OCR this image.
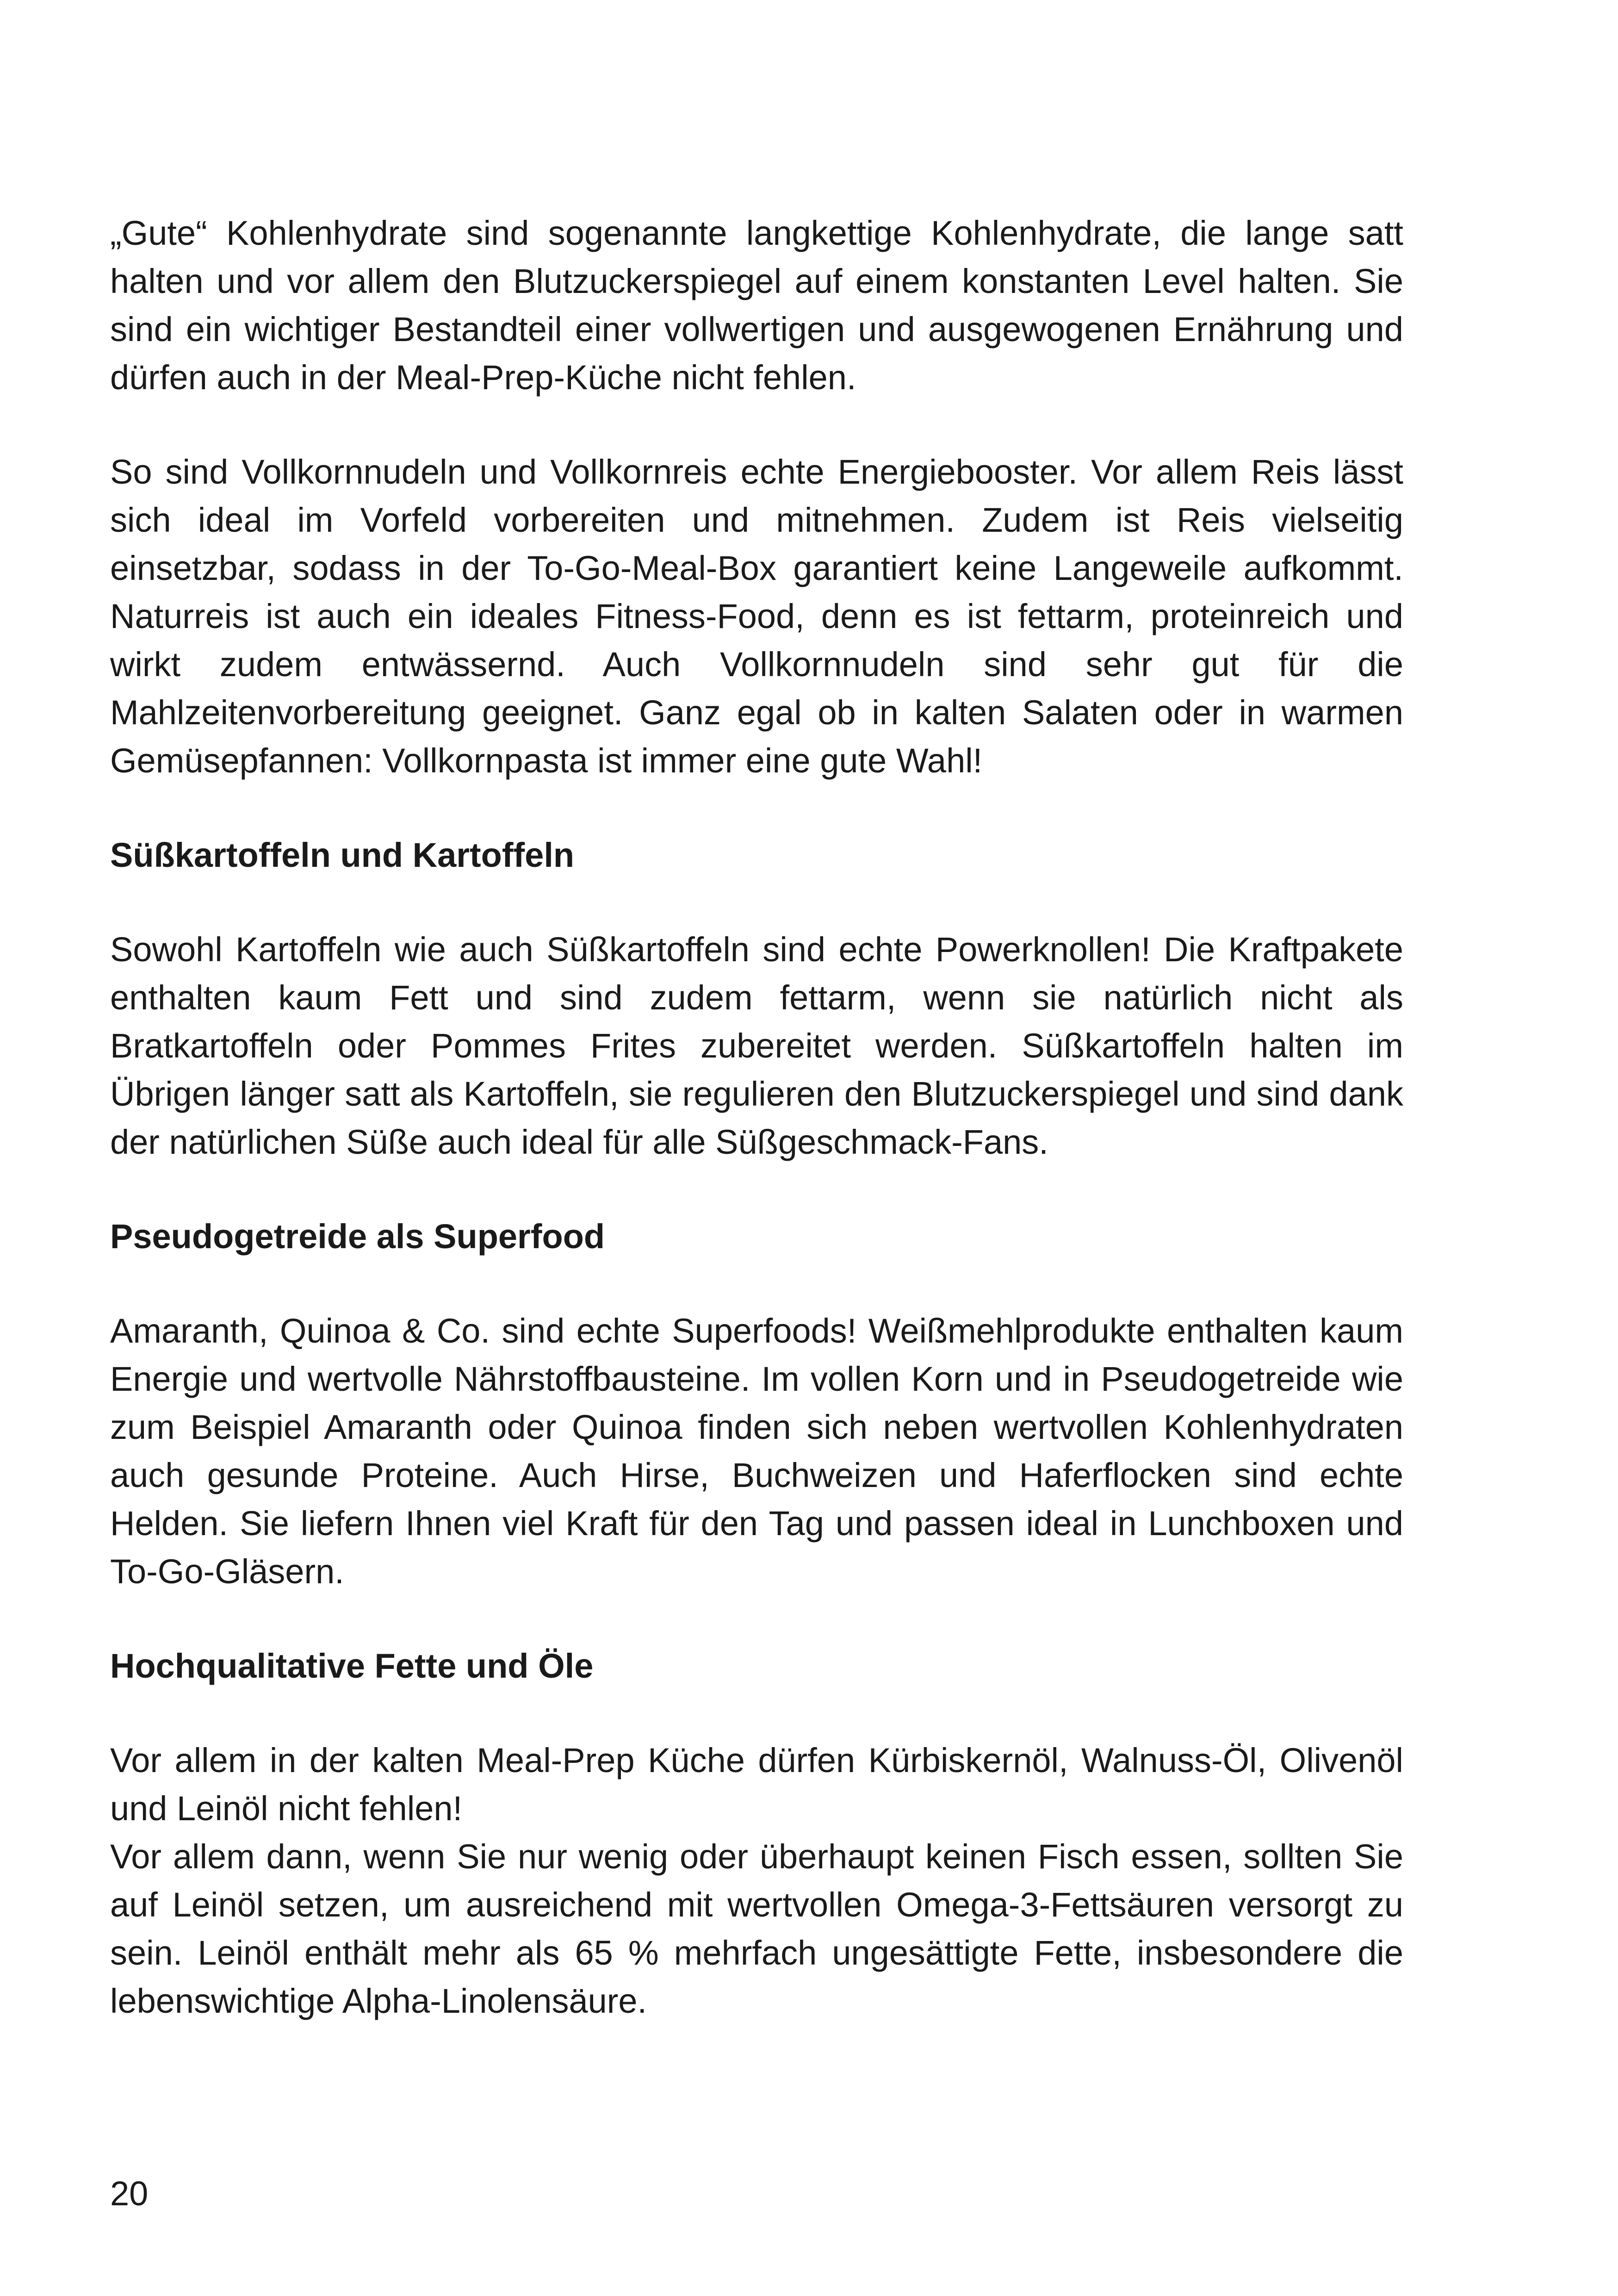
„Gute“ Kohlenhydrate sind sogenannte langkettige Kohlenhydrate, die lange satt halten und vor allem den Blutzuckerspiegel auf einem konstanten Level halten. Sie sind ein wichtiger Bestandteil einer vollwertigen und ausgewogenen Ernährung und dürfen auch in der Meal-Prep-Küche nicht fehlen.

So sind Vollkornnudeln und Vollkornreis echte Energiebooster. Vor allem Reis lässt sich ideal im Vorfeld vorbereiten und mitnehmen. Zudem ist Reis vielseitig einsetzbar, sodass in der To-Go-Meal-Box garantiert keine Langeweile aufkommt. Naturreis ist auch ein ideales Fitness-Food, denn es ist fettarm, proteinreich und wirkt zudem entwässernd. Auch Vollkornnudeln sind sehr gut für die Mahlzeitenvorbereitung geeignet. Ganz egal ob in kalten Salaten oder in warmen Gemüsepfannen: Vollkornpasta ist immer eine gute Wahl!

Süßkartoffeln und Kartoffeln

Sowohl Kartoffeln wie auch Süßkartoffeln sind echte Powerknollen! Die Kraftpakete enthalten kaum Fett und sind zudem fettarm, wenn sie natürlich nicht als Bratkartoffeln oder Pommes Frites zubereitet werden. Süßkartoffeln halten im Übrigen länger satt als Kartoffeln, sie regulieren den Blutzuckerspiegel und sind dank der natürlichen Süße auch ideal für alle Süßgeschmack-Fans.

Pseudogetreide als Superfood

Amaranth, Quinoa & Co. sind echte Superfoods! Weißmehlprodukte enthalten kaum Energie und wertvolle Nährstoffbausteine. Im vollen Korn und in Pseudogetreide wie zum Beispiel Amaranth oder Quinoa finden sich neben wertvollen Kohlenhydraten auch gesunde Proteine. Auch Hirse, Buchweizen und Haferflocken sind echte Helden. Sie liefern Ihnen viel Kraft für den Tag und passen ideal in Lunchboxen und To-Go-Gläsern.

Hochqualitative Fette und Öle

Vor allem in der kalten Meal-Prep Küche dürfen Kürbiskernöl, Walnuss-Öl, Olivenöl und Leinöl nicht fehlen!

Vor allem dann, wenn Sie nur wenig oder überhaupt keinen Fisch essen, sollten Sie auf Leinöl setzen, um ausreichend mit wertvollen Omega-3-Fettsäuren versorgt zu sein. Leinöl enthält mehr als 65 % mehrfach ungesättigte Fette, insbesondere die lebenswichtige Alpha-Linolensäure.

20
